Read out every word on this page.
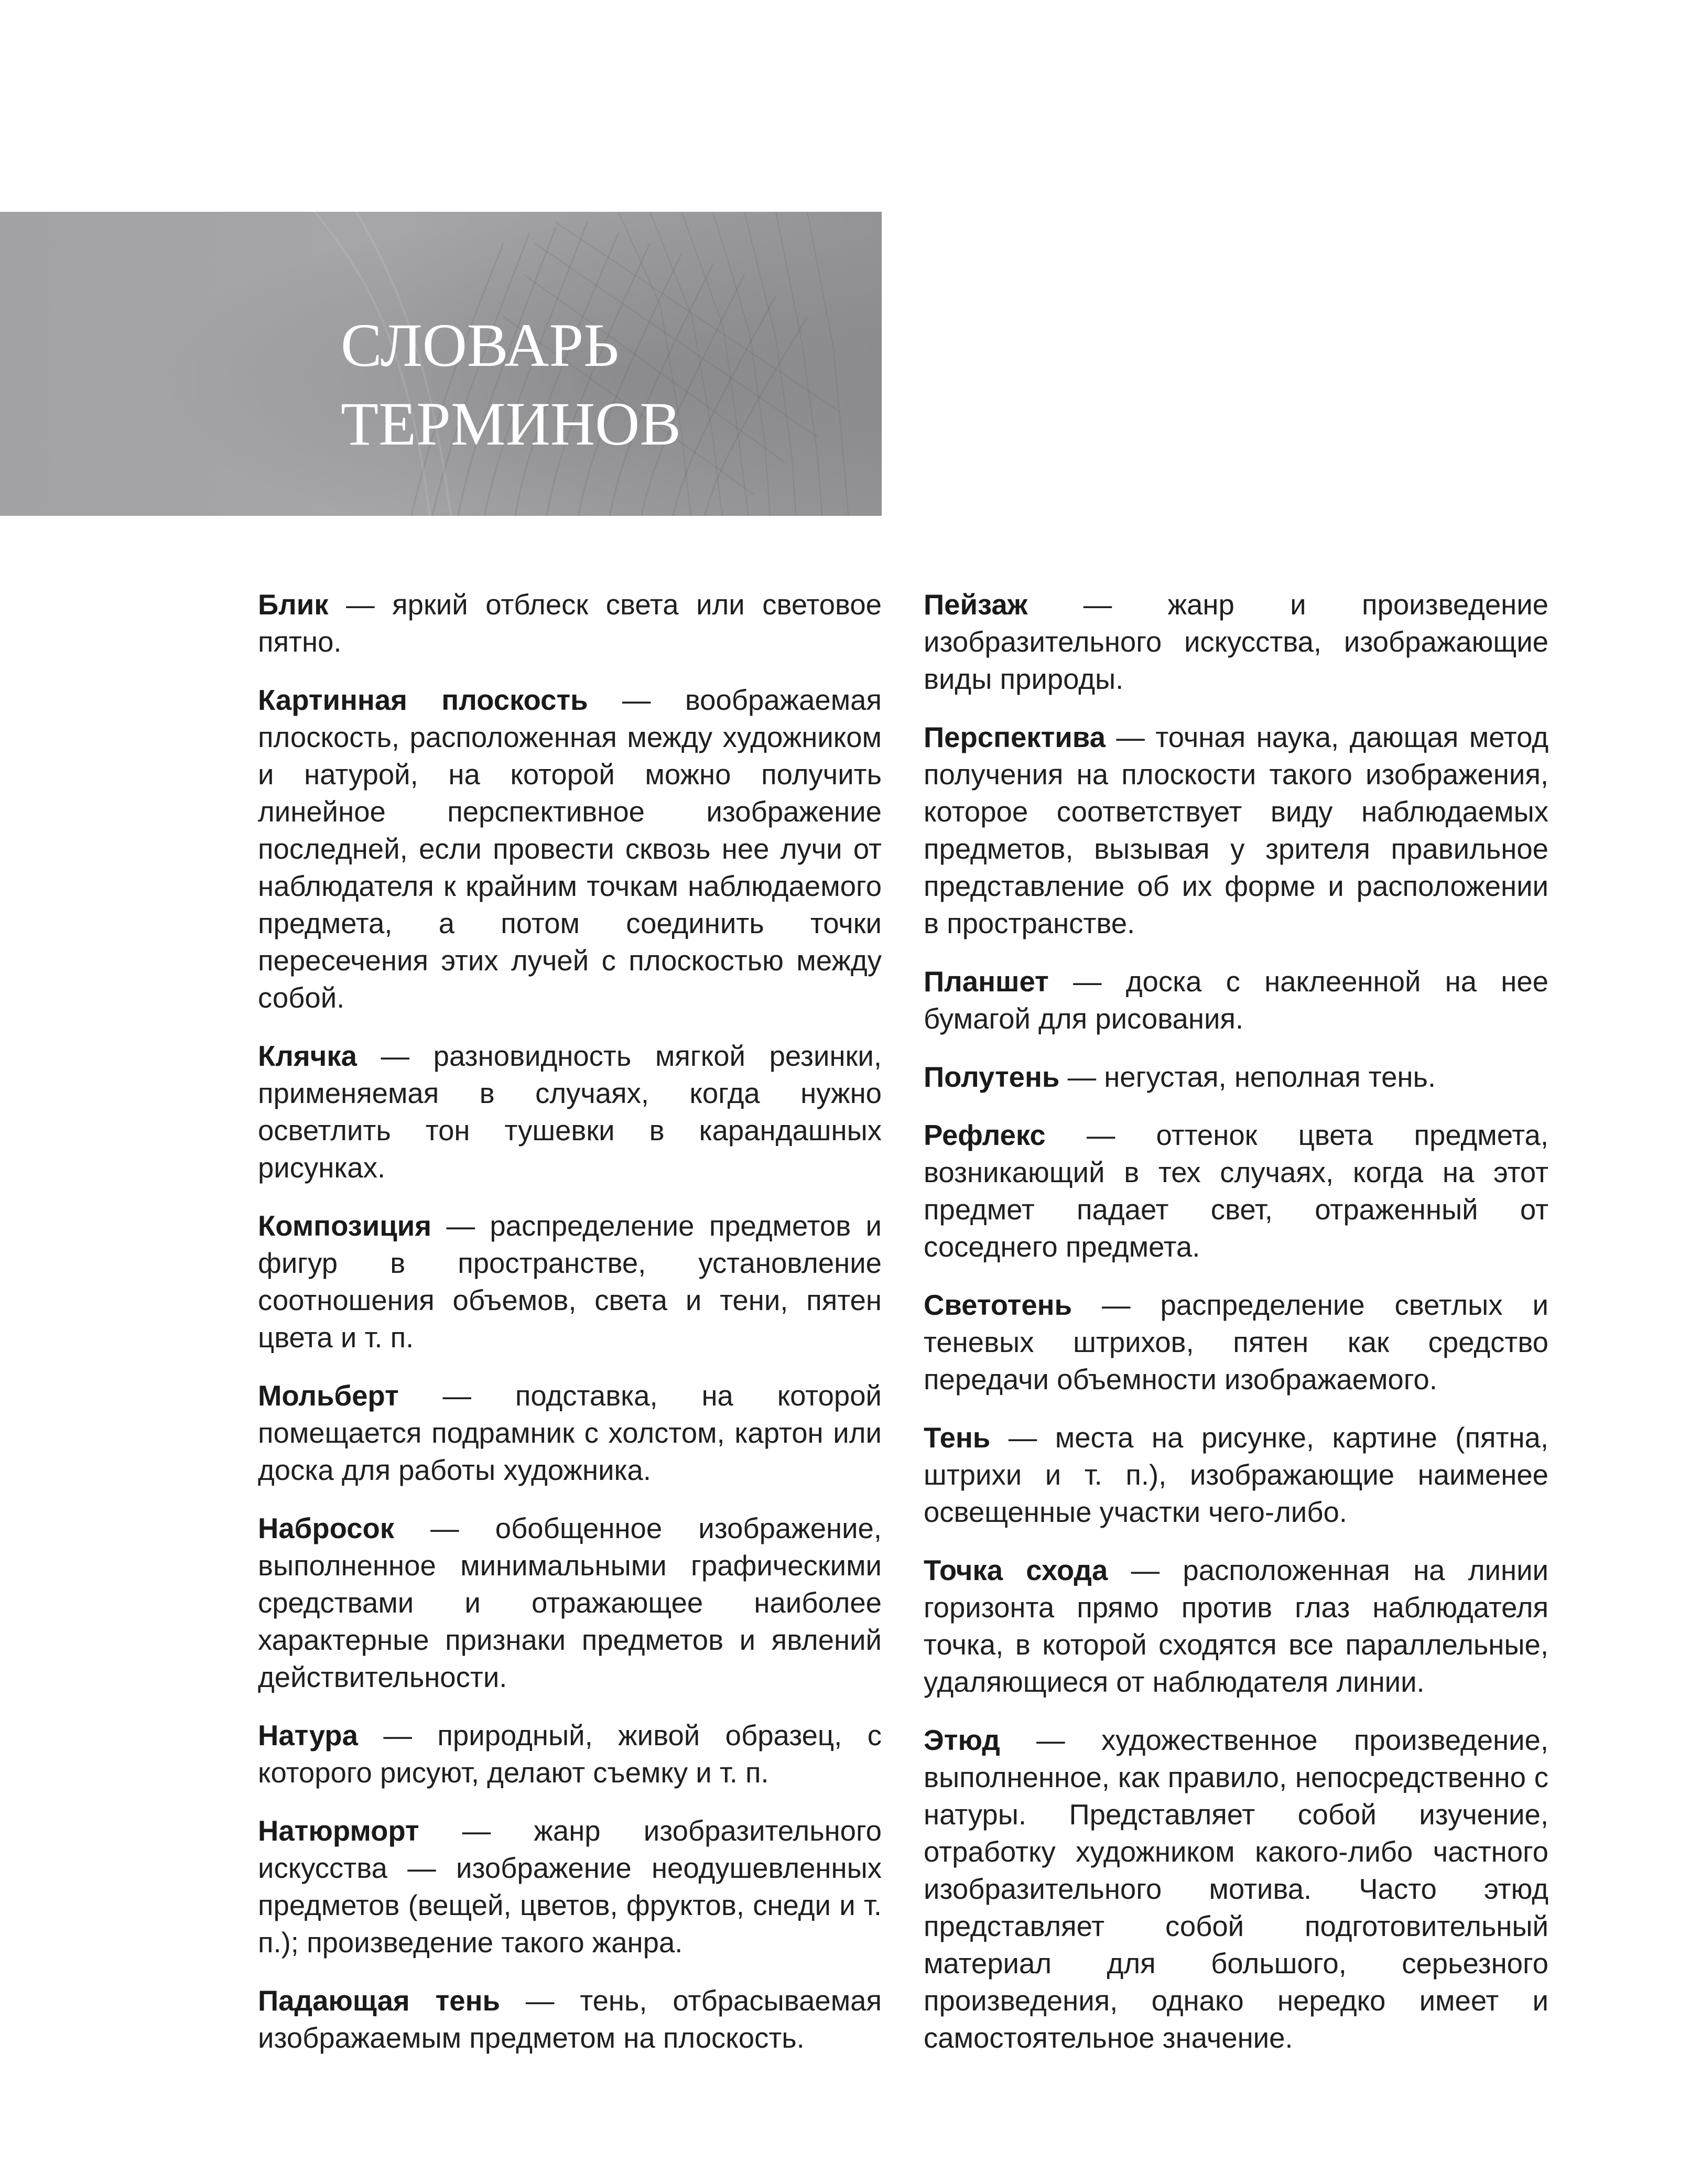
СЛОВАРЬ
ТЕРМИНОВ

Блик — яркий отблеск света или световое пятно.

Картинная плоскость — воображаемая плоскость, расположенная между художником и натурой, на которой можно получить линейное перспективное изображение последней, если провести сквозь нее лучи от наблюдателя к крайним точкам наблюдаемого предмета, а потом соединить точки пересечения этих лучей с плоскостью между собой.

Клячка — разновидность мягкой резинки, применяемая в случаях, когда нужно осветлить тон тушевки в карандашных рисунках.

Композиция — распределение предметов и фигур в пространстве, установление соотношения объемов, света и тени, пятен цвета и т. п.

Мольберт — подставка, на которой помещается подрамник с холстом, картон или доска для работы художника.

Набросок — обобщенное изображение, выполненное минимальными графическими средствами и отражающее наиболее характерные признаки предметов и явлений действительности.

Натура — природный, живой образец, с которого рисуют, делают съемку и т. п.

Натюрморт — жанр изобразительного искусства — изображение неодушевленных предметов (вещей, цветов, фруктов, снеди и т. п.); произведение такого жанра.

Падающая тень — тень, отбрасываемая изображаемым предметом на плоскость.

Пейзаж — жанр и произведение изобразительного искусства, изображающие виды природы.

Перспектива — точная наука, дающая метод получения на плоскости такого изображения, которое соответствует виду наблюдаемых предметов, вызывая у зрителя правильное представление об их форме и расположении в пространстве.

Планшет — доска с наклеенной на нее бумагой для рисования.

Полутень — негустая, неполная тень.

Рефлекс — оттенок цвета предмета, возникающий в тех случаях, когда на этот предмет падает свет, отраженный от соседнего предмета.

Светотень — распределение светлых и теневых штрихов, пятен как средство передачи объемности изображаемого.

Тень — места на рисунке, картине (пятна, штрихи и т. п.), изображающие наименее освещенные участки чего-либо.

Точка схода — расположенная на линии горизонта прямо против глаз наблюдателя точка, в которой сходятся все параллельные, удаляющиеся от наблюдателя линии.

Этюд — художественное произведение, выполненное, как правило, непосредственно с натуры. Представляет собой изучение, отработку художником какого-либо частного изобразительного мотива. Часто этюд представляет собой подготовительный материал для большого, серьезного произведения, однако нередко имеет и самостоятельное значение.
